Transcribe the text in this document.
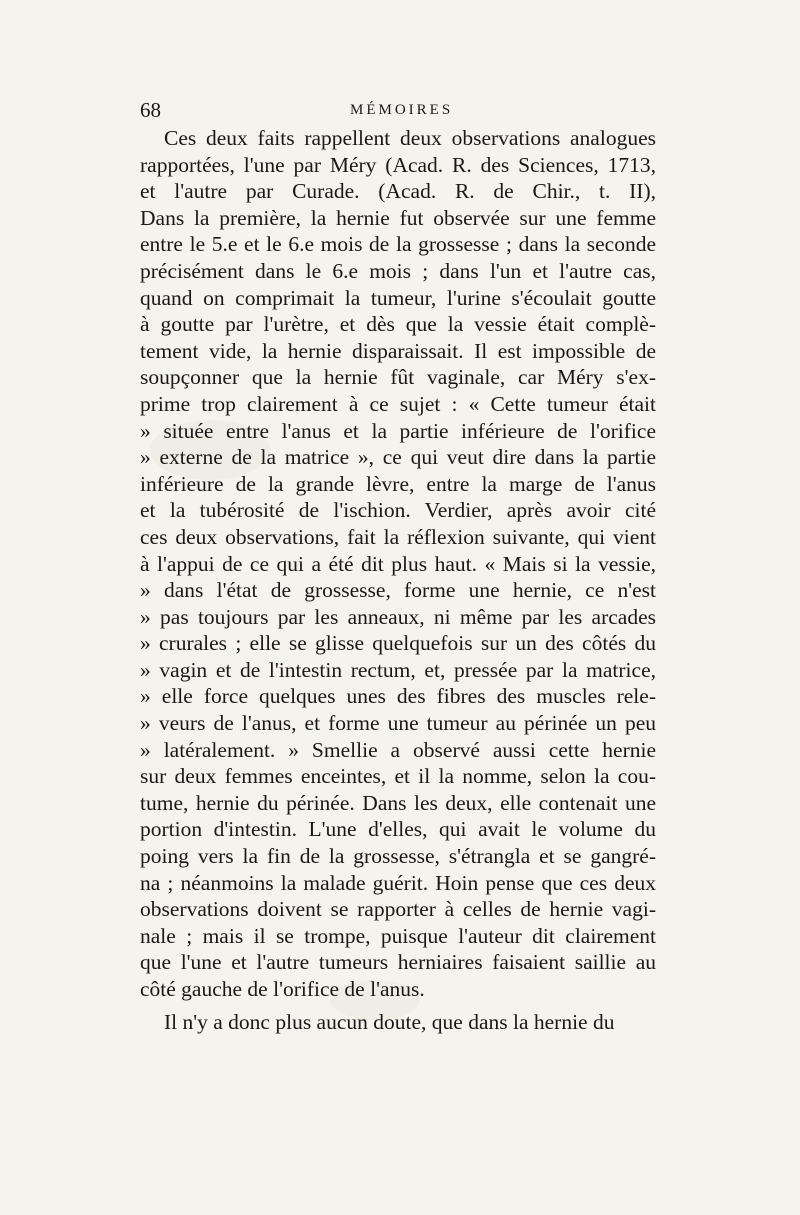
68	MÉMOIRES
Ces deux faits rappellent deux observations analogues
rapportées, l'une par Méry (Acad. R. des Sciences, 1713,
et l'autre par Curade. (Acad. R. de Chir., t. II),
Dans la première, la hernie fut observée sur une femme
entre le 5.e et le 6.e mois de la grossesse ; dans la seconde
précisément dans le 6.e mois ; dans l'un et l'autre cas,
quand on comprimait la tumeur, l'urine s'écoulait goutte
à goutte par l'urètre, et dès que la vessie était complè-
tement vide, la hernie disparaissait. Il est impossible de
soupçonner que la hernie fût vaginale, car Méry s'ex-
prime trop clairement à ce sujet : « Cette tumeur était
» située entre l'anus et la partie inférieure de l'orifice
» externe de la matrice », ce qui veut dire dans la partie
inférieure de la grande lèvre, entre la marge de l'anus
et la tubérosité de l'ischion. Verdier, après avoir cité
ces deux observations, fait la réflexion suivante, qui vient
à l'appui de ce qui a été dit plus haut. « Mais si la vessie,
» dans l'état de grossesse, forme une hernie, ce n'est
» pas toujours par les anneaux, ni même par les arcades
» crurales ; elle se glisse quelquefois sur un des côtés du
» vagin et de l'intestin rectum, et, pressée par la matrice,
» elle force quelques unes des fibres des muscles rele-
» veurs de l'anus, et forme une tumeur au périnée un peu
» latéralement. » Smellie a observé aussi cette hernie
sur deux femmes enceintes, et il la nomme, selon la cou-
tume, hernie du périnée. Dans les deux, elle contenait une
portion d'intestin. L'une d'elles, qui avait le volume du
poing vers la fin de la grossesse, s'étrangla et se gangré-
na ; néanmoins la malade guérit. Hoin pense que ces deux
observations doivent se rapporter à celles de hernie vagi-
nale ; mais il se trompe, puisque l'auteur dit clairement
que l'une et l'autre tumeurs herniaires faisaient saillie au
côté gauche de l'orifice de l'anus.
Il n'y a donc plus aucun doute, que dans la hernie du
